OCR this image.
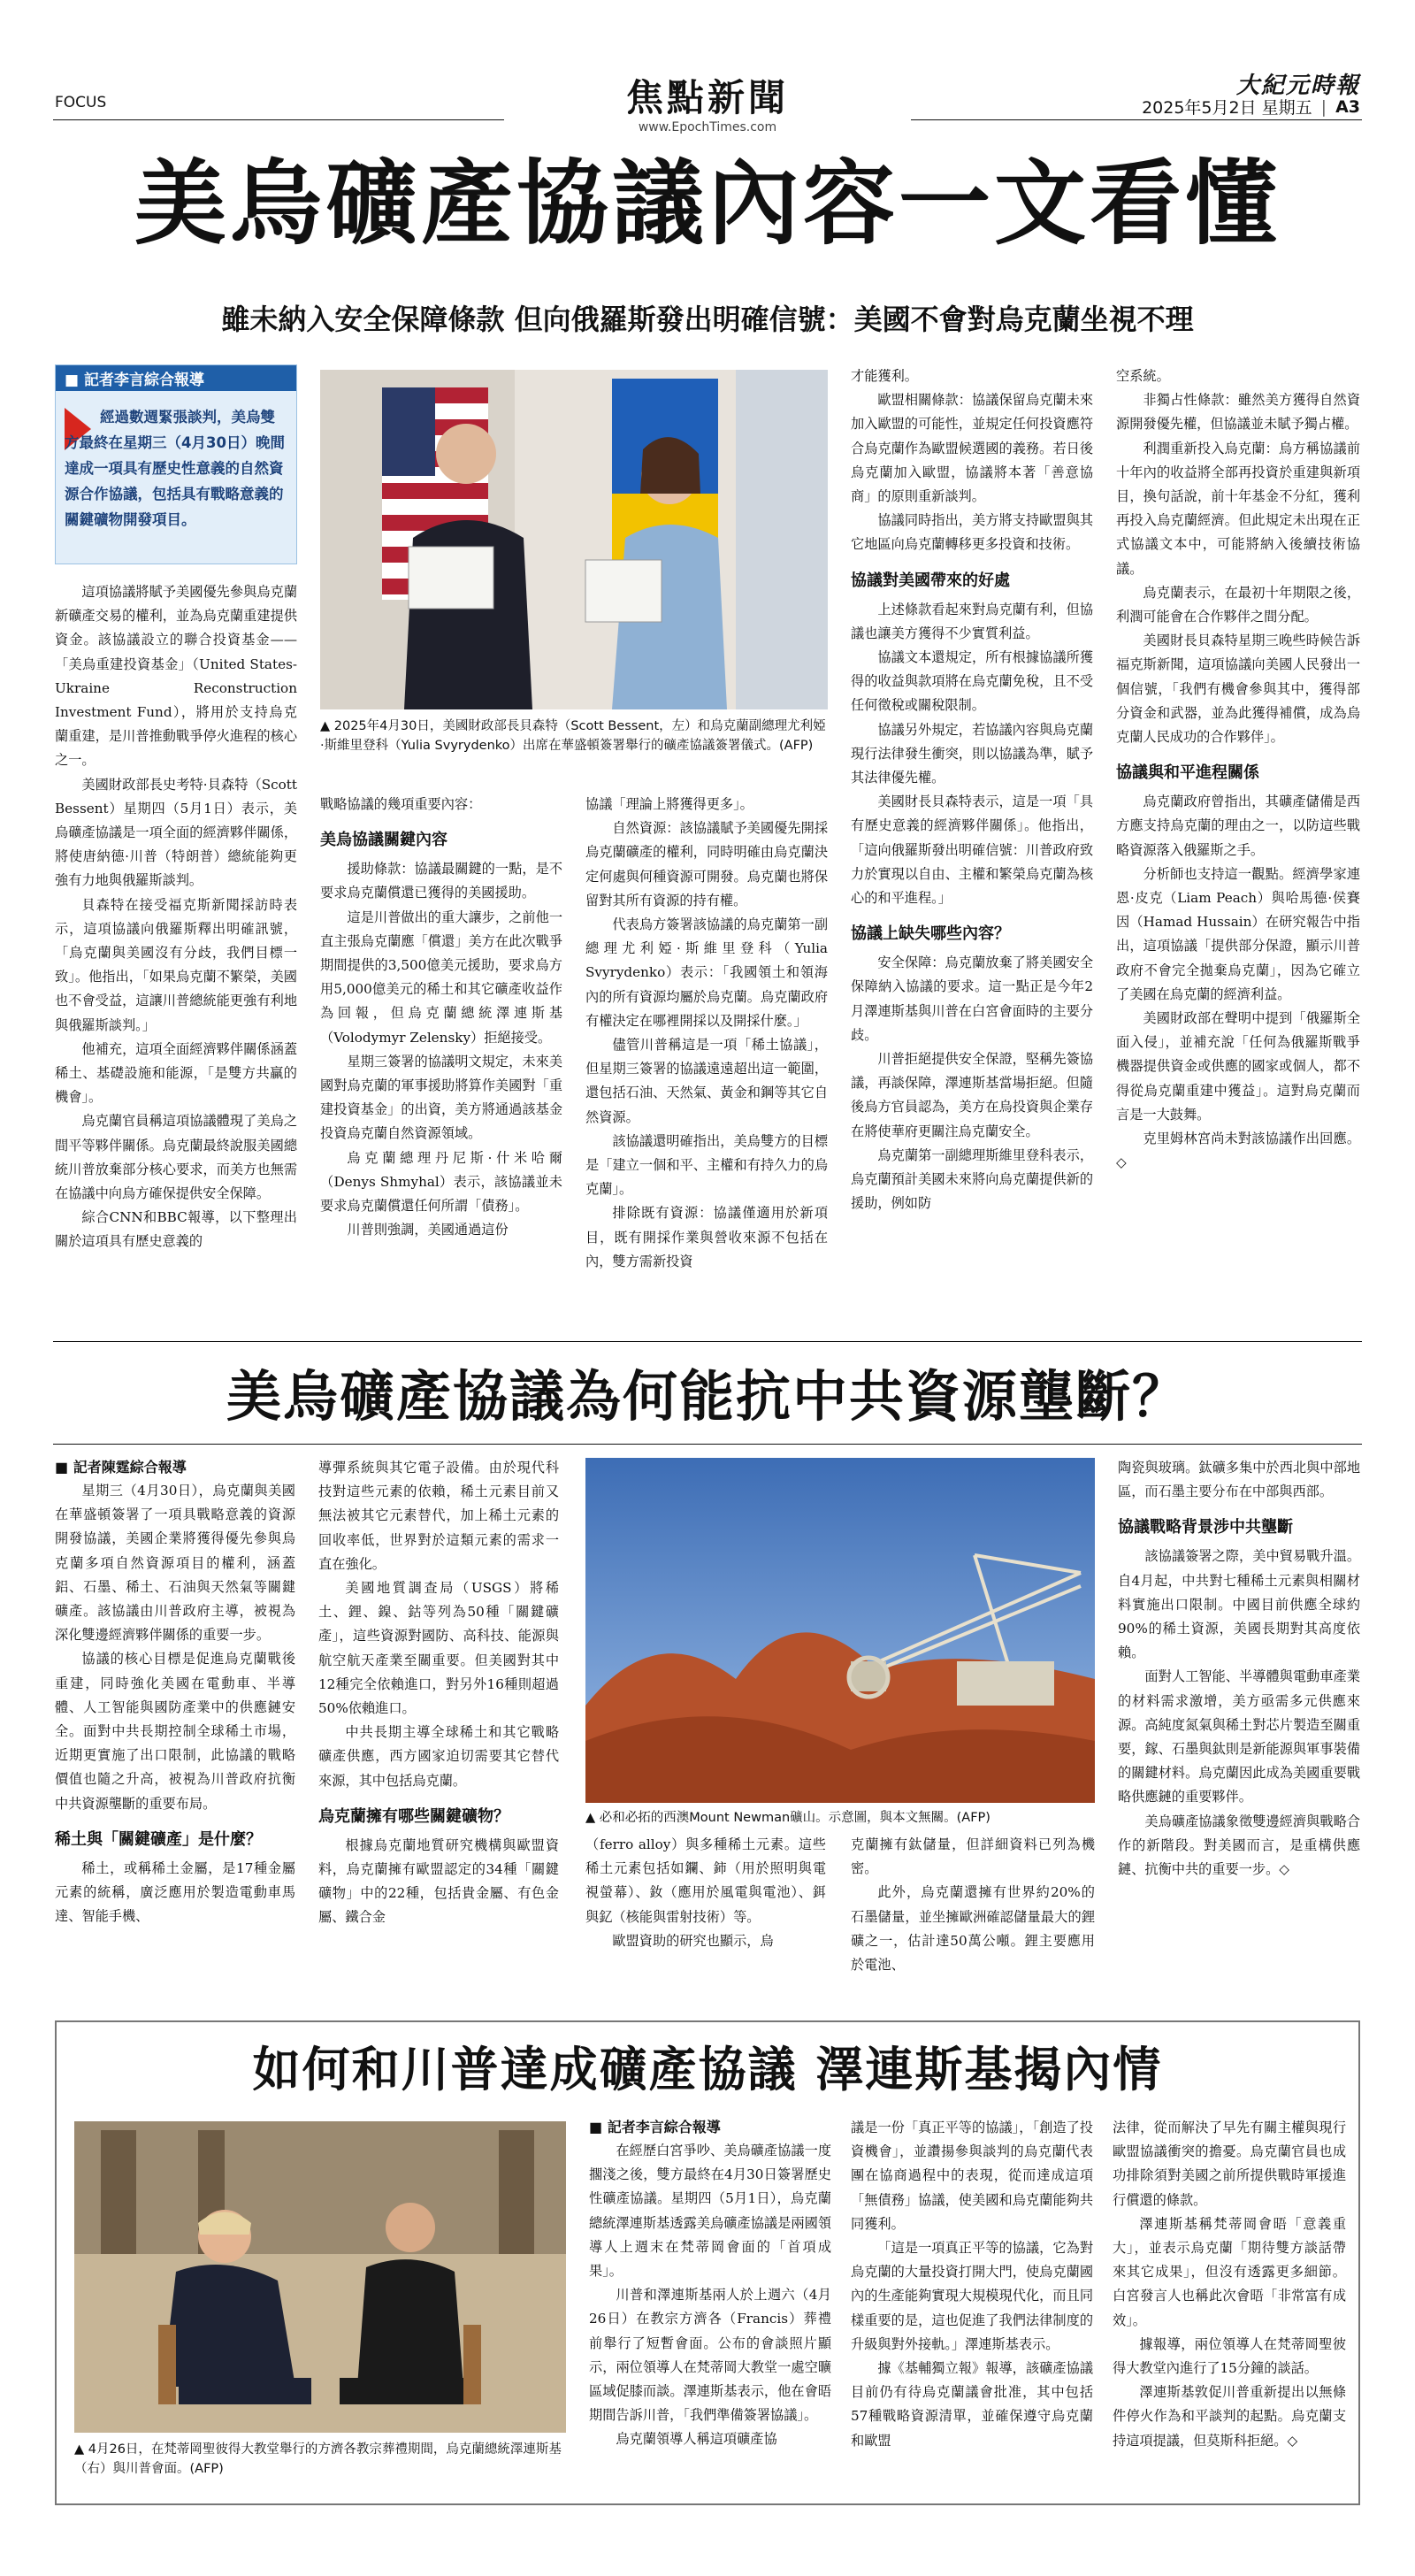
FOCUS	焦點新聞
www.EpochTimes.com
大紀元時報
2025年5月2日 星期五 | A3
美烏礦產協議內容一文看懂
雖未納入安全保障條款 但向俄羅斯發出明確信號：美國不會對烏克蘭坐視不理
■ 記者李言綜合報導
經過數週緊張談判，美烏雙方最終在星期三（4月30日）晚間達成一項具有歷史性意義的自然資源合作協議，包括具有戰略意義的關鍵礦物開發項目。

這項協議將賦予美國優先參與烏克蘭新礦產交易的權利，並為烏克蘭重建提供資金。該協議設立的聯合投資基金——「美烏重建投資基金」（United States-Ukraine Reconstruction Investment Fund），將用於支持烏克蘭重建，是川普推動戰爭停火進程的核心之一。

美國財政部長史考特·貝森特（Scott Bessent）星期四（5月1日）表示，美烏礦產協議是一項全面的經濟夥伴關係，將使唐納德·川普（特朗普）總統能夠更強有力地與俄羅斯談判。

貝森特在接受福克斯新聞採訪時表示，這項協議向俄羅斯釋出明確訊號，「烏克蘭與美國沒有分歧，我們目標一致」。他指出，「如果烏克蘭不繁榮，美國也不會受益，這讓川普總統能更強有利地與俄羅斯談判。」

他補充，這項全面經濟夥伴關係涵蓋稀土、基礎設施和能源，「是雙方共贏的機會」。

烏克蘭官員稱這項協議體現了美烏之間平等夥伴關係。烏克蘭最終說服美國總統川普放棄部分核心要求，而美方也無需在協議中向烏方確保提供安全保障。

綜合CNN和BBC報導，以下整理出關於這項具有歷史意義的

▲ 2025年4月30日，美國財政部長貝森特（Scott Bessent，左）和烏克蘭副總理尤利婭·斯維里登科（Yulia Svyrydenko）出席在華盛頓簽署舉行的礦產協議簽署儀式。(AFP)
戰略協議的幾項重要內容：
美烏協議關鍵內容

援助條款：協議最關鍵的一點，是不要求烏克蘭償還已獲得的美國援助。

這是川普做出的重大讓步，之前他一直主張烏克蘭應「償還」美方在此次戰爭期間提供的3,500億美元援助，要求烏方用5,000億美元的稀土和其它礦產收益作為回報，但烏克蘭總統澤連斯基（Volodymyr Zelensky）拒絕接受。

星期三簽署的協議明文規定，未來美國對烏克蘭的軍事援助將算作美國對「重建投資基金」的出資，美方將通過該基金投資烏克蘭自然資源領域。

烏克蘭總理丹尼斯·什米哈爾（Denys Shmyhal）表示，該協議並未要求烏克蘭償還任何所謂「債務」。

川普則強調，美國通過這份

協議「理論上將獲得更多」。

自然資源：該協議賦予美國優先開採烏克蘭礦產的權利，同時明確由烏克蘭決定何處與何種資源可開發。烏克蘭也將保留對其所有資源的持有權。

代表烏方簽署該協議的烏克蘭第一副總理尤利婭·斯維里登科（Yulia Svyrydenko）表示：「我國領土和領海內的所有資源均屬於烏克蘭。烏克蘭政府有權決定在哪裡開採以及開採什麼。」

儘管川普稱這是一項「稀土協議」，但星期三簽署的協議遠遠超出這一範圍，還包括石油、天然氣、黃金和鋼等其它自然資源。

該協議還明確指出，美烏雙方的目標是「建立一個和平、主權和有持久力的烏克蘭」。

排除既有資源：協議僅適用於新項目，既有開採作業與營收來源不包括在內，雙方需新投資

才能獲利。

歐盟相關條款：協議保留烏克蘭未來加入歐盟的可能性，並規定任何投資應符合烏克蘭作為歐盟候選國的義務。若日後烏克蘭加入歐盟，協議將本著「善意協商」的原則重新談判。

協議同時指出，美方將支持歐盟與其它地區向烏克蘭轉移更多投資和技術。

協議對美國帶來的好處

上述條款看起來對烏克蘭有利，但協議也讓美方獲得不少實質利益。

協議文本還規定，所有根據協議所獲得的收益與款項將在烏克蘭免稅，且不受任何徵稅或關稅限制。

協議另外規定，若協議內容與烏克蘭現行法律發生衝突，則以協議為準，賦予其法律優先權。

美國財長貝森特表示，這是一項「具有歷史意義的經濟夥伴關係」。他指出，「這向俄羅斯發出明確信號：川普政府致力於實現以自由、主權和繁榮烏克蘭為核心的和平進程。」

協議上缺失哪些內容？

安全保障：烏克蘭放棄了將美國安全保障納入協議的要求。這一點正是今年2月澤連斯基與川普在白宮會面時的主要分歧。

川普拒絕提供安全保證，堅稱先簽協議，再談保障，澤連斯基當場拒絕。但隨後烏方官員認為，美方在烏投資與企業存在將使華府更關注烏克蘭安全。

烏克蘭第一副總理斯維里登科表示，烏克蘭預計美國未來將向烏克蘭提供新的援助，例如防

空系統。

非獨占性條款：雖然美方獲得自然資源開發優先權，但協議並未賦予獨占權。

利潤重新投入烏克蘭：烏方稱協議前十年內的收益將全部再投資於重建與新項目，換句話說，前十年基金不分紅，獲利再投入烏克蘭經濟。但此規定未出現在正式協議文本中，可能將納入後續技術協議。

烏克蘭表示，在最初十年期限之後，利潤可能會在合作夥伴之間分配。

美國財長貝森特星期三晚些時候告訴福克斯新聞，這項協議向美國人民發出一個信號，「我們有機會參與其中，獲得部分資金和武器，並為此獲得補償，成為烏克蘭人民成功的合作夥伴」。

協議與和平進程關係

烏克蘭政府曾指出，其礦產儲備是西方應支持烏克蘭的理由之一，以防這些戰略資源落入俄羅斯之手。

分析師也支持這一觀點。經濟學家連恩·皮克（Liam Peach）與哈馬德·侯賽因（Hamad Hussain）在研究報告中指出，這項協議「提供部分保證，顯示川普政府不會完全拋棄烏克蘭」，因為它確立了美國在烏克蘭的經濟利益。

美國財政部在聲明中提到「俄羅斯全面入侵」，並補充說「任何為俄羅斯戰爭機器提供資金或供應的國家或個人，都不得從烏克蘭重建中獲益」。這對烏克蘭而言是一大鼓舞。

克里姆林宮尚未對該協議作出回應。◇

美烏礦產協議為何能抗中共資源壟斷？
■ 記者陳霆綜合報導

星期三（4月30日），烏克蘭與美國在華盛頓簽署了一項具戰略意義的資源開發協議，美國企業將獲得優先參與烏克蘭多項自然資源項目的權利，涵蓋鋁、石墨、稀土、石油與天然氣等關鍵礦產。該協議由川普政府主導，被視為深化雙邊經濟夥伴關係的重要一步。

協議的核心目標是促進烏克蘭戰後重建，同時強化美國在電動車、半導體、人工智能與國防產業中的供應鏈安全。面對中共長期控制全球稀土市場，近期更實施了出口限制，此協議的戰略價值也隨之升高，被視為川普政府抗衡中共資源壟斷的重要布局。

稀土與「關鍵礦產」是什麼？

稀土，或稱稀土金屬，是17種金屬元素的統稱，廣泛應用於製造電動車馬達、智能手機、

導彈系統與其它電子設備。由於現代科技對這些元素的依賴，稀土元素目前又無法被其它元素替代，加上稀土元素的回收率低，世界對於這類元素的需求一直在強化。

美國地質調查局（USGS）將稀土、鋰、鎳、鈷等列為50種「關鍵礦產」，這些資源對國防、高科技、能源與航空航天產業至關重要。但美國對其中12種完全依賴進口，對另外16種則超過50%依賴進口。

中共長期主導全球稀土和其它戰略礦產供應，西方國家迫切需要其它替代來源，其中包括烏克蘭。

烏克蘭擁有哪些關鍵礦物？

根據烏克蘭地質研究機構與歐盟資料，烏克蘭擁有歐盟認定的34種「關鍵礦物」中的22種，包括貴金屬、有色金屬、鐵合金

▲ 必和必拓的西澳Mount Newman礦山。示意圖，與本文無關。(AFP)
（ferro alloy）與多種稀土元素。這些稀土元素包括如鑭、鈰（用於照明與電視螢幕）、釹（應用於風電與電池）、鉺與釔（核能與雷射技術）等。

歐盟資助的研究也顯示，烏

克蘭擁有鈦儲量，但詳細資料已列為機密。

此外，烏克蘭還擁有世界約20%的石墨儲量，並坐擁歐洲確認儲量最大的鋰礦之一，估計達50萬公噸。鋰主要應用於電池、

陶瓷與玻璃。鈦礦多集中於西北與中部地區，而石墨主要分布在中部與西部。
協議戰略背景涉中共壟斷

該協議簽署之際，美中貿易戰升溫。自4月起，中共對七種稀土元素與相關材料實施出口限制。中國目前供應全球約90%的稀土資源，美國長期對其高度依賴。

面對人工智能、半導體與電動車產業的材料需求激增，美方亟需多元供應來源。高純度氮氣與稀土對芯片製造至關重要，鎵、石墨與鈦則是新能源與軍事裝備的關鍵材料。烏克蘭因此成為美國重要戰略供應鏈的重要夥伴。

美烏礦產協議象徵雙邊經濟與戰略合作的新階段。對美國而言，是重構供應鏈、抗衡中共的重要一步。◇

如何和川普達成礦產協議 澤連斯基揭內情
▲ 4月26日，在梵蒂岡聖彼得大教堂舉行的方濟各教宗葬禮期間，烏克蘭總統澤連斯基（右）與川普會面。(AFP)
■ 記者李言綜合報導

在經歷白宮爭吵、美烏礦產協議一度擱淺之後，雙方最終在4月30日簽署歷史性礦產協議。星期四（5月1日），烏克蘭總統澤連斯基透露美烏礦產協議是兩國領導人上週末在梵蒂岡會面的「首項成果」。

川普和澤連斯基兩人於上週六（4月26日）在教宗方濟各（Francis）葬禮前舉行了短暫會面。公布的會談照片顯示，兩位領導人在梵蒂岡大教堂一處空曠區域促膝而談。澤連斯基表示，他在會晤期間告訴川普，「我們準備簽署協議」。

烏克蘭領導人稱這項礦產協

議是一份「真正平等的協議」，「創造了投資機會」，並讚揚參與談判的烏克蘭代表團在協商過程中的表現，從而達成這項「無債務」協議，使美國和烏克蘭能夠共同獲利。

「這是一項真正平等的協議，它為對烏克蘭的大量投資打開大門，使烏克蘭國內的生產能夠實現大規模現代化，而且同樣重要的是，這也促進了我們法律制度的升級與對外接軌。」澤連斯基表示。

據《基輔獨立報》報導，該礦產協議目前仍有待烏克蘭議會批准，其中包括57種戰略資源清單，並確保遵守烏克蘭和歐盟

法律，從而解決了早先有關主權與現行歐盟協議衝突的擔憂。烏克蘭官員也成功排除須對美國之前所提供戰時軍援進行償還的條款。

澤連斯基稱梵蒂岡會晤「意義重大」，並表示烏克蘭「期待雙方談話帶來其它成果」，但沒有透露更多細節。白宮發言人也稱此次會晤「非常富有成效」。

據報導，兩位領導人在梵蒂岡聖彼得大教堂內進行了15分鐘的談話。

澤連斯基敦促川普重新提出以無條件停火作為和平談判的起點。烏克蘭支持這項提議，但莫斯科拒絕。◇
